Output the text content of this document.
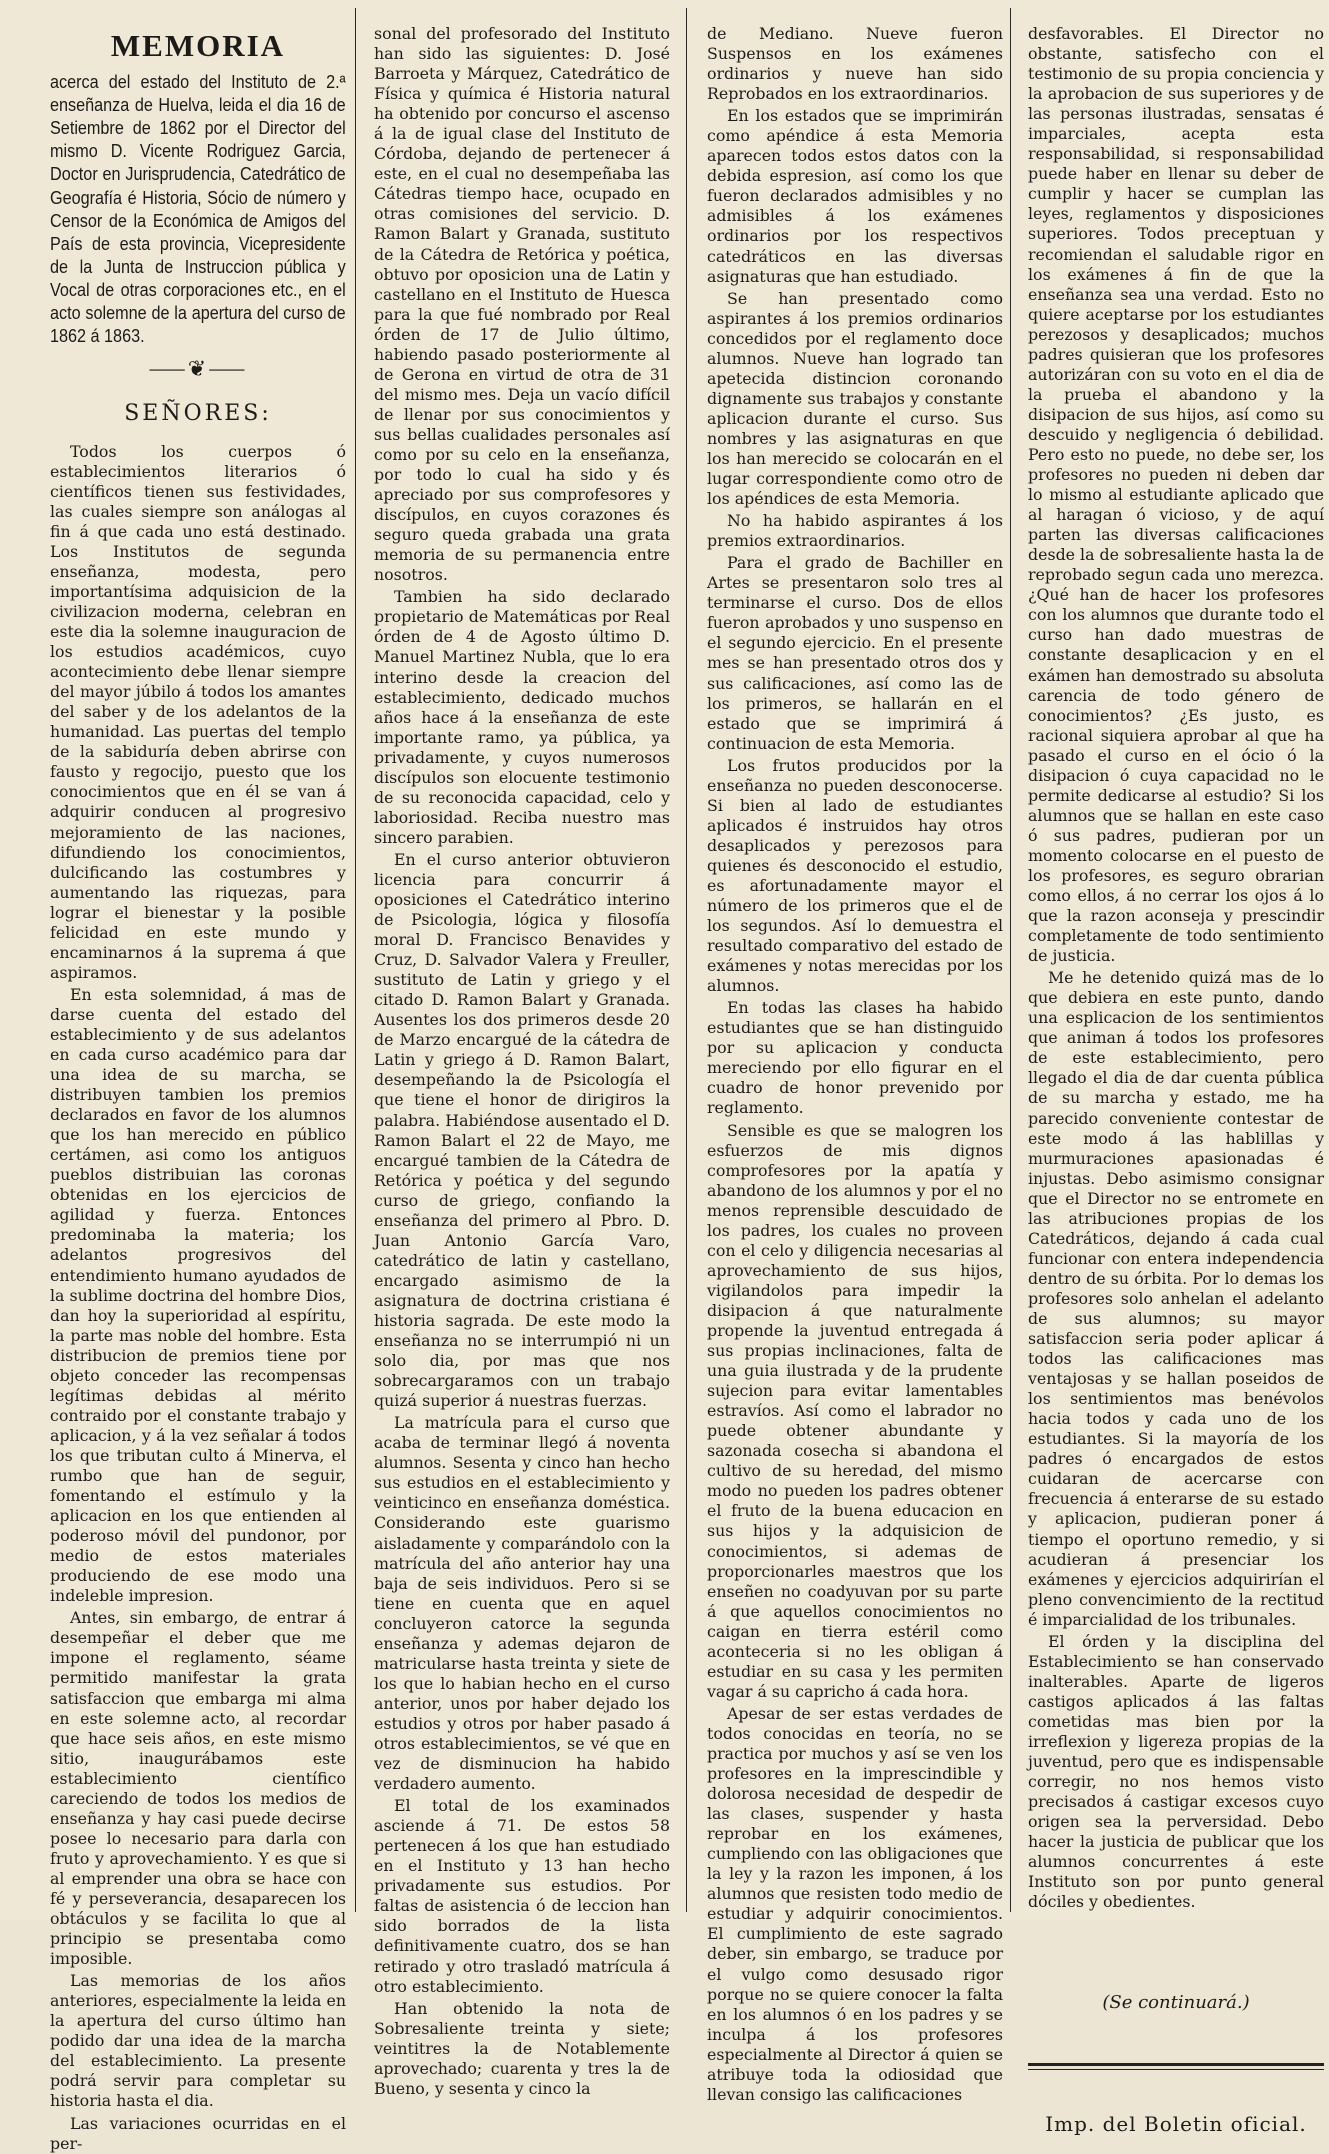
MEMORIA

acerca del estado del Instituto de 2.ª enseñanza de Huelva, leida el dia 16 de Setiembre de 1862 por el Director del mismo D. Vicente Rodriguez Garcia, Doctor en Jurisprudencia, Catedrático de Geografía é Historia, Sócio de número y Censor de la Económica de Amigos del País de esta provincia, Vicepresidente de la Junta de Instruccion pública y Vocal de otras corporaciones etc., en el acto solemne de la apertura del curso de 1862 á 1863.

⸺❦⸺
SEÑORES:

Todos los cuerpos ó establecimientos literarios ó científicos tienen sus festividades, las cuales siempre son análogas al fin á que cada uno está destinado. Los Institutos de segunda enseñanza, modesta, pero importantísima adquisicion de la civilizacion moderna, celebran en este dia la solemne inauguracion de los estudios académicos, cuyo acontecimiento debe llenar siempre del mayor júbilo á todos los amantes del saber y de los adelantos de la humanidad. Las puertas del templo de la sabiduría deben abrirse con fausto y regocijo, puesto que los conocimientos que en él se van á adquirir conducen al progresivo mejoramiento de las naciones, difundiendo los conocimientos, dulcificando las costumbres y aumentando las riquezas, para lograr el bienestar y la posible felicidad en este mundo y encaminarnos á la suprema á que aspiramos.

En esta solemnidad, á mas de darse cuenta del estado del establecimiento y de sus adelantos en cada curso académico para dar una idea de su marcha, se distribuyen tambien los premios declarados en favor de los alumnos que los han merecido en público certámen, asi como los antiguos pueblos distribuian las coronas obtenidas en los ejercicios de agilidad y fuerza. Entonces predominaba la materia; los adelantos progresivos del entendimiento humano ayudados de la sublime doctrina del hombre Dios, dan hoy la superioridad al espíritu, la parte mas noble del hombre. Esta distribucion de premios tiene por objeto conceder las recompensas legítimas debidas al mérito contraido por el constante trabajo y aplicacion, y á la vez señalar á todos los que tributan culto á Minerva, el rumbo que han de seguir, fomentando el estímulo y la aplicacion en los que entienden al poderoso móvil del pundonor, por medio de estos materiales produciendo de ese modo una indeleble impresion.

Antes, sin embargo, de entrar á desempeñar el deber que me impone el reglamento, séame permitido manifestar la grata satisfaccion que embarga mi alma en este solemne acto, al recordar que hace seis años, en este mismo sitio, inaugurábamos este establecimiento científico careciendo de todos los medios de enseñanza y hay casi puede decirse posee lo necesario para darla con fruto y aprovechamiento. Y es que si al emprender una obra se hace con fé y perseverancia, desaparecen los obtáculos y se facilita lo que al principio se presentaba como imposible.

Las memorias de los años anteriores, especialmente la leida en la apertura del curso último han podido dar una idea de la marcha del establecimiento. La presente podrá servir para completar su historia hasta el dia.

Las variaciones ocurridas en el per-

sonal del profesorado del Instituto han sido las siguientes: D. José Barroeta y Márquez, Catedrático de Física y química é Historia natural ha obtenido por concurso el ascenso á la de igual clase del Instituto de Córdoba, dejando de pertenecer á este, en el cual no desempeñaba las Cátedras tiempo hace, ocupado en otras comisiones del servicio. D. Ramon Balart y Granada, sustituto de la Cátedra de Retórica y poética, obtuvo por oposicion una de Latin y castellano en el Instituto de Huesca para la que fué nombrado por Real órden de 17 de Julio último, habiendo pasado posteriormente al de Gerona en virtud de otra de 31 del mismo mes. Deja un vacío difícil de llenar por sus conocimientos y sus bellas cualidades personales así como por su celo en la enseñanza, por todo lo cual ha sido y és apreciado por sus comprofesores y discípulos, en cuyos corazones és seguro queda grabada una grata memoria de su permanencia entre nosotros.

Tambien ha sido declarado propietario de Matemáticas por Real órden de 4 de Agosto último D. Manuel Martinez Nubla, que lo era interino desde la creacion del establecimiento, dedicado muchos años hace á la enseñanza de este importante ramo, ya pública, ya privadamente, y cuyos numerosos discípulos son elocuente testimonio de su reconocida capacidad, celo y laboriosidad. Reciba nuestro mas sincero parabien.

En el curso anterior obtuvieron licencia para concurrir á oposiciones el Catedrático interino de Psicologia, lógica y filosofía moral D. Francisco Benavides y Cruz, D. Salvador Valera y Freuller, sustituto de Latin y griego y el citado D. Ramon Balart y Granada. Ausentes los dos primeros desde 20 de Marzo encargué de la cátedra de Latin y griego á D. Ramon Balart, desempeñando la de Psicología el que tiene el honor de dirigiros la palabra. Habiéndose ausentado el D. Ramon Balart el 22 de Mayo, me encargué tambien de la Cátedra de Retórica y poética y del segundo curso de griego, confiando la enseñanza del primero al Pbro. D. Juan Antonio García Varo, catedrático de latin y castellano, encargado asimismo de la asignatura de doctrina cristiana é historia sagrada. De este modo la enseñanza no se interrumpió ni un solo dia, por mas que nos sobrecargaramos con un trabajo quizá superior á nuestras fuerzas.

La matrícula para el curso que acaba de terminar llegó á noventa alumnos. Sesenta y cinco han hecho sus estudios en el establecimiento y veinticinco en enseñanza doméstica. Considerando este guarismo aisladamente y comparándolo con la matrícula del año anterior hay una baja de seis individuos. Pero si se tiene en cuenta que en aquel concluyeron catorce la segunda enseñanza y ademas dejaron de matricularse hasta treinta y siete de los que lo habian hecho en el curso anterior, unos por haber dejado los estudios y otros por haber pasado á otros establecimientos, se vé que en vez de disminucion ha habido verdadero aumento.

El total de los examinados asciende á 71. De estos 58 pertenecen á los que han estudiado en el Instituto y 13 han hecho privadamente sus estudios. Por faltas de asistencia ó de leccion han sido borrados de la lista definitivamente cuatro, dos se han retirado y otro trasladó matrícula á otro establecimiento.

Han obtenido la nota de Sobresaliente treinta y siete; veintitres la de Notablemente aprovechado; cuarenta y tres la de Bueno, y sesenta y cinco la

de Mediano. Nueve fueron Suspensos en los exámenes ordinarios y nueve han sido Reprobados en los extraordinarios.

En los estados que se imprimirán como apéndice á esta Memoria aparecen todos estos datos con la debida espresion, así como los que fueron declarados admisibles y no admisibles á los exámenes ordinarios por los respectivos catedráticos en las diversas asignaturas que han estudiado.

Se han presentado como aspirantes á los premios ordinarios concedidos por el reglamento doce alumnos. Nueve han logrado tan apetecida distincion coronando dignamente sus trabajos y constante aplicacion durante el curso. Sus nombres y las asignaturas en que los han merecido se colocarán en el lugar correspondiente como otro de los apéndices de esta Memoria.

No ha habido aspirantes á los premios extraordinarios.

Para el grado de Bachiller en Artes se presentaron solo tres al terminarse el curso. Dos de ellos fueron aprobados y uno suspenso en el segundo ejercicio. En el presente mes se han presentado otros dos y sus calificaciones, así como las de los primeros, se hallarán en el estado que se imprimirá á continuacion de esta Memoria.

Los frutos producidos por la enseñanza no pueden desconocerse. Si bien al lado de estudiantes aplicados é instruidos hay otros desaplicados y perezosos para quienes és desconocido el estudio, es afortunadamente mayor el número de los primeros que el de los segundos. Así lo demuestra el resultado comparativo del estado de exámenes y notas merecidas por los alumnos.

En todas las clases ha habido estudiantes que se han distinguido por su aplicacion y conducta mereciendo por ello figurar en el cuadro de honor prevenido por reglamento.

Sensible es que se malogren los esfuerzos de mis dignos comprofesores por la apatía y abandono de los alumnos y por el no menos reprensible descuidado de los padres, los cuales no proveen con el celo y diligencia necesarias al aprovechamiento de sus hijos, vigilandolos para impedir la disipacion á que naturalmente propende la juventud entregada á sus propias inclinaciones, falta de una guia ilustrada y de la prudente sujecion para evitar lamentables estravíos. Así como el labrador no puede obtener abundante y sazonada cosecha si abandona el cultivo de su heredad, del mismo modo no pueden los padres obtener el fruto de la buena educacion en sus hijos y la adquisicion de conocimientos, si ademas de proporcionarles maestros que los enseñen no coadyuvan por su parte á que aquellos conocimientos no caigan en tierra estéril como aconteceria si no les obligan á estudiar en su casa y les permiten vagar á su capricho á cada hora.

Apesar de ser estas verdades de todos conocidas en teoría, no se practica por muchos y así se ven los profesores en la imprescindible y dolorosa necesidad de despedir de las clases, suspender y hasta reprobar en los exámenes, cumpliendo con las obligaciones que la ley y la razon les imponen, á los alumnos que resisten todo medio de estudiar y adquirir conocimientos. El cumplimiento de este sagrado deber, sin embargo, se traduce por el vulgo como desusado rigor porque no se quiere conocer la falta en los alumnos ó en los padres y se inculpa á los profesores especialmente al Director á quien se atribuye toda la odiosidad que llevan consigo las calificaciones

desfavorables. El Director no obstante, satisfecho con el testimonio de su propia conciencia y la aprobacion de sus superiores y de las personas ilustradas, sensatas é imparciales, acepta esta responsabilidad, si responsabilidad puede haber en llenar su deber de cumplir y hacer se cumplan las leyes, reglamentos y disposiciones superiores. Todos preceptuan y recomiendan el saludable rigor en los exámenes á fin de que la enseñanza sea una verdad. Esto no quiere aceptarse por los estudiantes perezosos y desaplicados; muchos padres quisieran que los profesores autorizáran con su voto en el dia de la prueba el abandono y la disipacion de sus hijos, así como su descuido y negligencia ó debilidad. Pero esto no puede, no debe ser, los profesores no pueden ni deben dar lo mismo al estudiante aplicado que al haragan ó vicioso, y de aquí parten las diversas calificaciones desde la de sobresaliente hasta la de reprobado segun cada uno merezca. ¿Qué han de hacer los profesores con los alumnos que durante todo el curso han dado muestras de constante desaplicacion y en el exámen han demostrado su absoluta carencia de todo género de conocimientos? ¿Es justo, es racional siquiera aprobar al que ha pasado el curso en el ócio ó la disipacion ó cuya capacidad no le permite dedicarse al estudio? Si los alumnos que se hallan en este caso ó sus padres, pudieran por un momento colocarse en el puesto de los profesores, es seguro obrarian como ellos, á no cerrar los ojos á lo que la razon aconseja y prescindir completamente de todo sentimiento de justicia.

Me he detenido quizá mas de lo que debiera en este punto, dando una esplicacion de los sentimientos que animan á todos los profesores de este establecimiento, pero llegado el dia de dar cuenta pública de su marcha y estado, me ha parecido conveniente contestar de este modo á las hablillas y murmuraciones apasionadas é injustas. Debo asimismo consignar que el Director no se entromete en las atribuciones propias de los Catedráticos, dejando á cada cual funcionar con entera independencia dentro de su órbita. Por lo demas los profesores solo anhelan el adelanto de sus alumnos; su mayor satisfaccion seria poder aplicar á todos las calificaciones mas ventajosas y se hallan poseidos de los sentimientos mas benévolos hacia todos y cada uno de los estudiantes. Si la mayoría de los padres ó encargados de estos cuidaran de acercarse con frecuencia á enterarse de su estado y aplicacion, pudieran poner á tiempo el oportuno remedio, y si acudieran á presenciar los exámenes y ejercicios adquirirían el pleno convencimiento de la rectitud é imparcialidad de los tribunales.

El órden y la disciplina del Establecimiento se han conservado inalterables. Aparte de ligeros castigos aplicados á las faltas cometidas mas bien por la irreflexion y ligereza propias de la juventud, pero que es indispensable corregir, no nos hemos visto precisados á castigar excesos cuyo origen sea la perversidad. Debo hacer la justicia de publicar que los alumnos concurrentes á este Instituto son por punto general dóciles y obedientes.

(Se continuará.)
Imp. del Boletin oficial.
